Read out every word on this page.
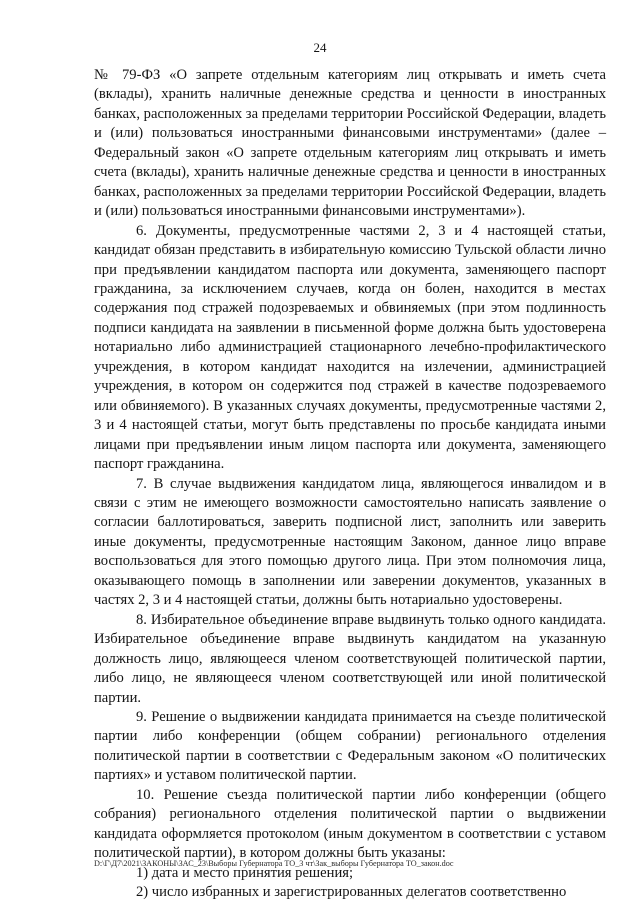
24

№ 79-ФЗ «О запрете отдельным категориям лиц открывать и иметь счета (вклады), хранить наличные денежные средства и ценности в иностранных банках, расположенных за пределами территории Российской Федерации, владеть и (или) пользоваться иностранными финансовыми инструментами» (далее – Федеральный закон «О запрете отдельным категориям лиц открывать и иметь счета (вклады), хранить наличные денежные средства и ценности в иностранных банках, расположенных за пределами территории Российской Федерации, владеть и (или) пользоваться иностранными финансовыми инструментами»).

6. Документы, предусмотренные частями 2, 3 и 4 настоящей статьи, кандидат обязан представить в избирательную комиссию Тульской области лично при предъявлении кандидатом паспорта или документа, заменяющего паспорт гражданина, за исключением случаев, когда он болен, находится в местах содержания под стражей подозреваемых и обвиняемых (при этом подлинность подписи кандидата на заявлении в письменной форме должна быть удостоверена нотариально либо администрацией стационарного лечебно-профилактического учреждения, в котором кандидат находится на излечении, администрацией учреждения, в котором он содержится под стражей в качестве подозреваемого или обвиняемого). В указанных случаях документы, предусмотренные частями 2, 3 и 4 настоящей статьи, могут быть представлены по просьбе кандидата иными лицами при предъявлении иным лицом паспорта или документа, заменяющего паспорт гражданина.

7. В случае выдвижения кандидатом лица, являющегося инвалидом и в связи с этим не имеющего возможности самостоятельно написать заявление о согласии баллотироваться, заверить подписной лист, заполнить или заверить иные документы, предусмотренные настоящим Законом, данное лицо вправе воспользоваться для этого помощью другого лица. При этом полномочия лица, оказывающего помощь в заполнении или заверении документов, указанных в частях 2, 3 и 4 настоящей статьи, должны быть нотариально удостоверены.

8. Избирательное объединение вправе выдвинуть только одного кандидата. Избирательное объединение вправе выдвинуть кандидатом на указанную должность лицо, являющееся членом соответствующей политической партии, либо лицо, не являющееся членом соответствующей или иной политической партии.

9. Решение о выдвижении кандидата принимается на съезде политической партии либо конференции (общем собрании) регионального отделения политической партии в соответствии с Федеральным законом «О политических партиях» и уставом политической партии.

10. Решение съезда политической партии либо конференции (общего собрания) регионального отделения политической партии о выдвижении кандидата оформляется протоколом (иным документом в соответствии с уставом политической партии), в котором должны быть указаны:

1) дата и место принятия решения;

2) число избранных и зарегистрированных делегатов соответственно

D:\Г\Д7\2021\ЗАКОНЫ\ЗАС_23\Выборы Губернатора ТО_3 чт\Зак_выборы Губернатора ТО_закон.doc
